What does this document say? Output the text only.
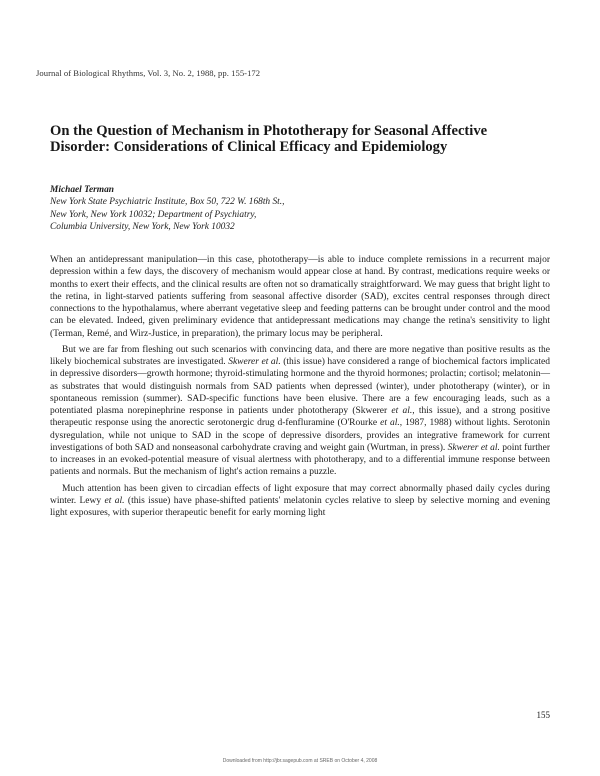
Journal of Biological Rhythms, Vol. 3, No. 2, 1988, pp. 155-172
On the Question of Mechanism in Phototherapy for Seasonal Affective Disorder: Considerations of Clinical Efficacy and Epidemiology
Michael Terman
New York State Psychiatric Institute, Box 50, 722 W. 168th St.,
New York, New York 10032; Department of Psychiatry,
Columbia University, New York, New York 10032

When an antidepressant manipulation—in this case, phototherapy—is able to induce complete remissions in a recurrent major depression within a few days, the discovery of mechanism would appear close at hand. By contrast, medications require weeks or months to exert their effects, and the clinical results are often not so dramatically straightforward. We may guess that bright light to the retina, in light-starved patients suffering from seasonal affective disorder (SAD), excites central responses through direct connections to the hypothalamus, where aberrant vegetative sleep and feeding patterns can be brought under control and the mood can be elevated. Indeed, given preliminary evidence that antidepressant medications may change the retina's sensitivity to light (Terman, Remé, and Wirz-Justice, in preparation), the primary locus may be peripheral.

But we are far from fleshing out such scenarios with convincing data, and there are more negative than positive results as the likely biochemical substrates are investigated. Skwerer et al. (this issue) have considered a range of biochemical factors implicated in depressive disorders—growth hormone; thyroid-stimulating hormone and the thyroid hormones; prolactin; cortisol; melatonin—as substrates that would distinguish normals from SAD patients when depressed (winter), under phototherapy (winter), or in spontaneous remission (summer). SAD-specific functions have been elusive. There are a few encouraging leads, such as a potentiated plasma norepinephrine response in patients under phototherapy (Skwerer et al., this issue), and a strong positive therapeutic response using the anorectic serotonergic drug d-fenfluramine (O'Rourke et al., 1987, 1988) without lights. Serotonin dysregulation, while not unique to SAD in the scope of depressive disorders, provides an integrative framework for current investigations of both SAD and nonseasonal carbohydrate craving and weight gain (Wurtman, in press). Skwerer et al. point further to increases in an evoked-potential measure of visual alertness with phototherapy, and to a differential immune response between patients and normals. But the mechanism of light's action remains a puzzle.

Much attention has been given to circadian effects of light exposure that may correct abnormally phased daily cycles during winter. Lewy et al. (this issue) have phase-shifted patients' melatonin cycles relative to sleep by selective morning and evening light exposures, with superior therapeutic benefit for early morning light

155
Downloaded from http://jbr.sagepub.com at SREB on October 4, 2008
